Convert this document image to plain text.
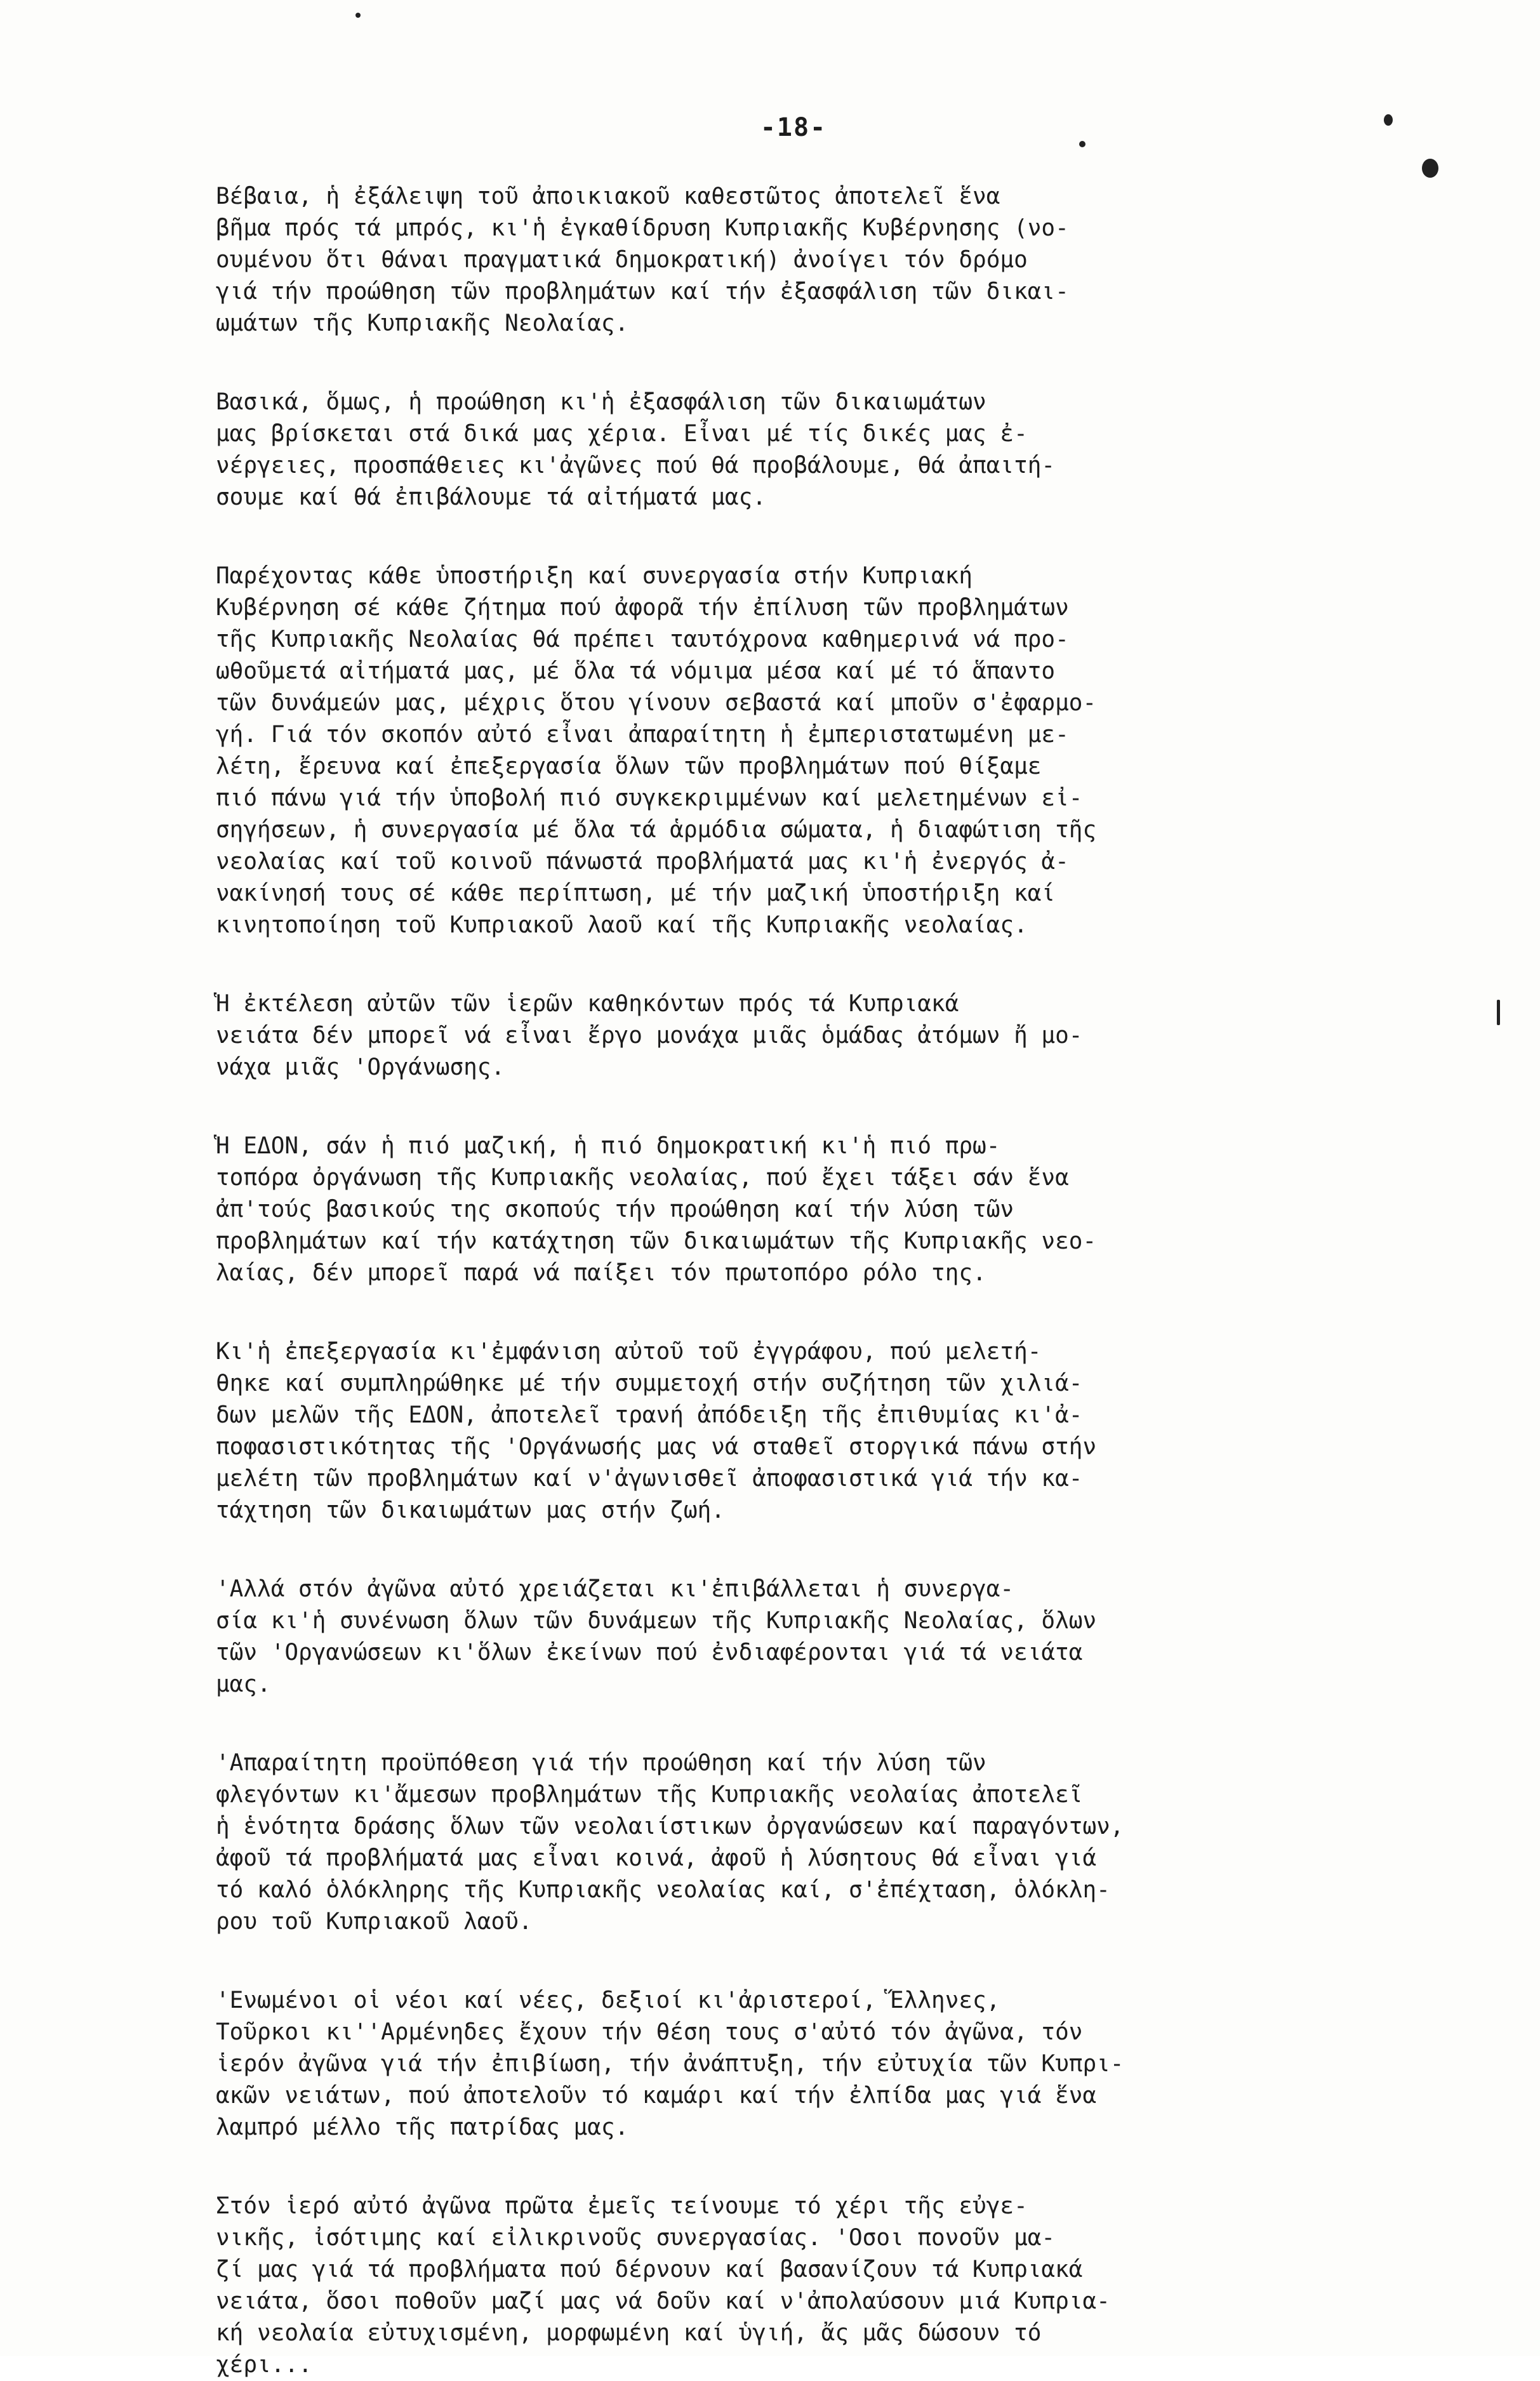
-18-

Βέβαια, ἡ ἐξάλειψη τοῦ ἀποικιακοῦ καθεστῶτος ἀποτελεῖ ἕνα
βῆμα πρός τά μπρός, κι'ἡ ἐγκαθίδρυση Κυπριακῆς Κυβέρνησης (νο-
ουμένου ὅτι θάναι πραγματικά δημοκρατική) ἀνοίγει τόν δρόμο
γιά τήν προώθηση τῶν προβλημάτων καί τήν ἐξασφάλιση τῶν δικαι-
ωμάτων τῆς Κυπριακῆς Νεολαίας.

Βασικά, ὅμως, ἡ προώθηση κι'ἡ ἐξασφάλιση τῶν δικαιωμάτων
μας βρίσκεται στά δικά μας χέρια. Εἶναι μέ τίς δικές μας ἐ-
νέργειες, προσπάθειες κι'ἀγῶνες πού θά προβάλουμε, θά ἀπαιτή-
σουμε καί θά ἐπιβάλουμε τά αἰτήματά μας.

Παρέχοντας κάθε ὑποστήριξη καί συνεργασία στήν Κυπριακή
Κυβέρνηση σέ κάθε ζήτημα πού ἀφορᾶ τήν ἐπίλυση τῶν προβλημάτων
τῆς Κυπριακῆς Νεολαίας θά πρέπει ταυτόχρονα καθημερινά νά προ-
ωθοῦμετά αἰτήματά μας, μέ ὅλα τά νόμιμα μέσα καί μέ τό ἅπαντο
τῶν δυνάμεών μας, μέχρις ὅτου γίνουν σεβαστά καί μποῦν σ'ἐφαρμο-
γή. Γιά τόν σκοπόν αὐτό εἶναι ἀπαραίτητη ἡ ἐμπεριστατωμένη με-
λέτη, ἔρευνα καί ἐπεξεργασία ὅλων τῶν προβλημάτων πού θίξαμε
πιό πάνω γιά τήν ὑποβολή πιό συγκεκριμμένων καί μελετημένων εἰ-
σηγήσεων, ἡ συνεργασία μέ ὅλα τά ἁρμόδια σώματα, ἡ διαφώτιση τῆς
νεολαίας καί τοῦ κοινοῦ πάνωστά προβλήματά μας κι'ἡ ἐνεργός ἀ-
νακίνησή τους σέ κάθε περίπτωση, μέ τήν μαζική ὑποστήριξη καί
κινητοποίηση τοῦ Κυπριακοῦ λαοῦ καί τῆς Κυπριακῆς νεολαίας.

Ἡ ἐκτέλεση αὐτῶν τῶν ἱερῶν καθηκόντων πρός τά Κυπριακά
νειάτα δέν μπορεῖ νά εἶναι ἔργο μονάχα μιᾶς ὁμάδας ἀτόμων ἤ μο-
νάχα μιᾶς 'Οργάνωσης.

Ἡ ΕΔΟΝ, σάν ἡ πιό μαζική, ἡ πιό δημοκρατική κι'ἡ πιό πρω-
τοπόρα ὀργάνωση τῆς Κυπριακῆς νεολαίας, πού ἔχει τάξει σάν ἕνα
ἀπ'τούς βασικούς της σκοπούς τήν προώθηση καί τήν λύση τῶν
προβλημάτων καί τήν κατάχτηση τῶν δικαιωμάτων τῆς Κυπριακῆς νεο-
λαίας, δέν μπορεῖ παρά νά παίξει τόν πρωτοπόρο ρόλο της.

Κι'ἡ ἐπεξεργασία κι'ἐμφάνιση αὐτοῦ τοῦ ἐγγράφου, πού μελετή-
θηκε καί συμπληρώθηκε μέ τήν συμμετοχή στήν συζήτηση τῶν χιλιά-
δων μελῶν τῆς ΕΔΟΝ, ἀποτελεῖ τρανή ἀπόδειξη τῆς ἐπιθυμίας κι'ἀ-
ποφασιστικότητας τῆς 'Οργάνωσής μας νά σταθεῖ στοργικά πάνω στήν
μελέτη τῶν προβλημάτων καί ν'ἀγωνισθεῖ ἀποφασιστικά γιά τήν κα-
τάχτηση τῶν δικαιωμάτων μας στήν ζωή.

'Αλλά στόν ἀγῶνα αὐτό χρειάζεται κι'ἐπιβάλλεται ἡ συνεργα-
σία κι'ἡ συνένωση ὅλων τῶν δυνάμεων τῆς Κυπριακῆς Νεολαίας, ὅλων
τῶν 'Οργανώσεων κι'ὅλων ἐκείνων πού ἐνδιαφέρονται γιά τά νειάτα
μας.

'Απαραίτητη προϋπόθεση γιά τήν προώθηση καί τήν λύση τῶν
φλεγόντων κι'ἄμεσων προβλημάτων τῆς Κυπριακῆς νεολαίας ἀποτελεῖ
ἡ ἑνότητα δράσης ὅλων τῶν νεολαιίστικων ὀργανώσεων καί παραγόντων,
ἀφοῦ τά προβλήματά μας εἶναι κοινά, ἀφοῦ ἡ λύσητους θά εἶναι γιά
τό καλό ὁλόκληρης τῆς Κυπριακῆς νεολαίας καί, σ'ἐπέχταση, ὁλόκλη-
ρου τοῦ Κυπριακοῦ λαοῦ.

'Ενωμένοι οἱ νέοι καί νέες, δεξιοί κι'ἀριστεροί, Ἕλληνες,
Τοῦρκοι κι''Αρμένηδες ἔχουν τήν θέση τους σ'αὐτό τόν ἀγῶνα, τόν
ἱερόν ἀγῶνα γιά τήν ἐπιβίωση, τήν ἀνάπτυξη, τήν εὐτυχία τῶν Κυπρι-
ακῶν νειάτων, πού ἀποτελοῦν τό καμάρι καί τήν ἐλπίδα μας γιά ἕνα
λαμπρό μέλλο τῆς πατρίδας μας.

Στόν ἱερό αὐτό ἀγῶνα πρῶτα ἐμεῖς τείνουμε τό χέρι τῆς εὐγε-
νικῆς, ἰσότιμης καί εἰλικρινοῦς συνεργασίας. 'Οσοι πονοῦν μα-
ζί μας γιά τά προβλήματα πού δέρνουν καί βασανίζουν τά Κυπριακά
νειάτα, ὅσοι ποθοῦν μαζί μας νά δοῦν καί ν'ἀπολαύσουν μιά Κυπρια-
κή νεολαία εὐτυχισμένη, μορφωμένη καί ὑγιή, ἄς μᾶς δώσουν τό
χέρι...
